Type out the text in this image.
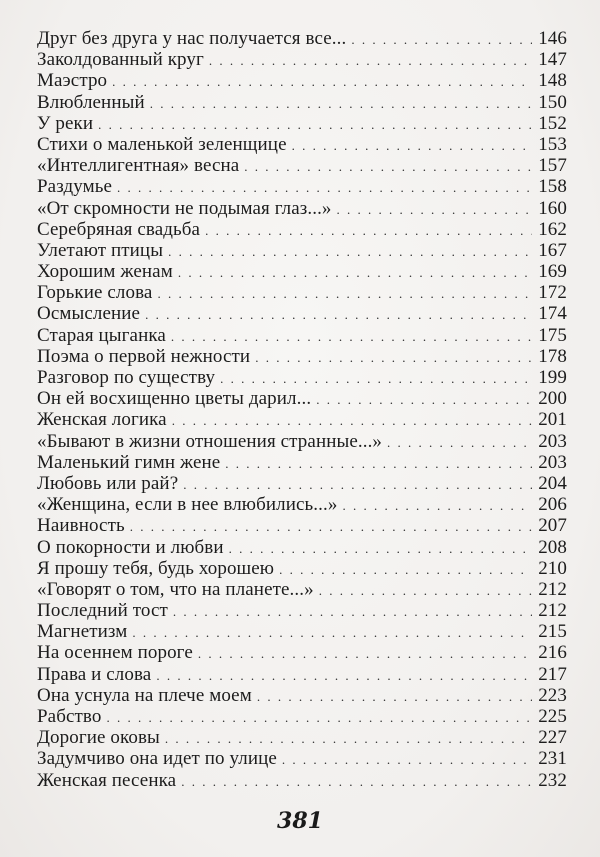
Друг без друга у нас получается все... . . .	146
Заколдованный круг . . .	147
Маэстро . . .	148
Влюбленный . . .	150
У реки . . .	152
Стихи о маленькой зеленщице . . .	153
«Интеллигентная» весна . . .	157
Раздумье . . .	158
«От скромности не подымая глаз...» . . .	160
Серебряная свадьба . . .	162
Улетают птицы . . .	167
Хорошим женам . . .	169
Горькие слова . . .	172
Осмысление . . .	174
Старая цыганка . . .	175
Поэма о первой нежности . . .	178
Разговор по существу . . .	199
Он ей восхищенно цветы дарил... . . .	200
Женская логика . . .	201
«Бывают в жизни отношения странные...» . . .	203
Маленький гимн жене . . .	203
Любовь или рай? . . .	204
«Женщина, если в нее влюбились...» . . .	206
Наивность . . .	207
О покорности и любви . . .	208
Я прошу тебя, будь хорошею . . .	210
«Говорят о том, что на планете...» . . .	212
Последний тост . . .	212
Магнетизм . . .	215
На осеннем пороге . . .	216
Права и слова . . .	217
Она уснула на плече моем . . .	223
Рабство . . .	225
Дорогие оковы . . .	227
Задумчиво она идет по улице . . .	231
Женская песенка . . .	232
381
